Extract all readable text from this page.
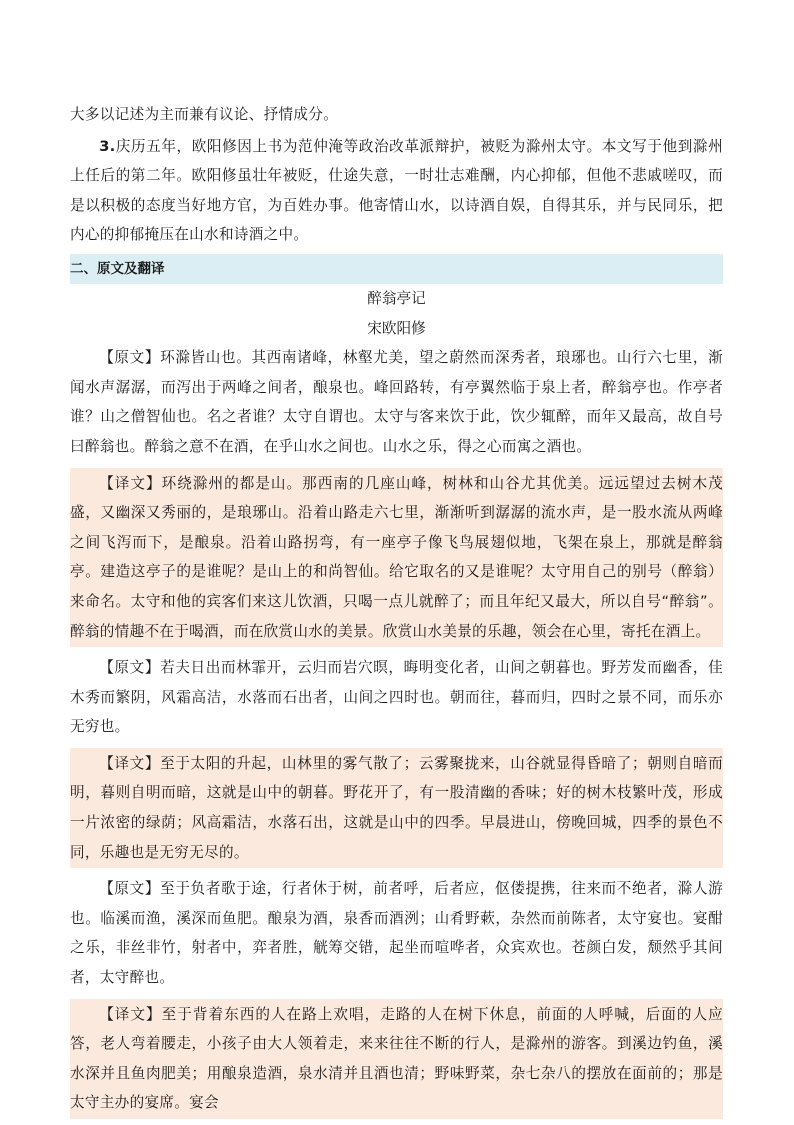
大多以记述为主而兼有议论、抒情成分。

3.庆历五年，欧阳修因上书为范仲淹等政治改革派辩护，被贬为滁州太守。本文写于他到滁州上任后的第二年。欧阳修虽壮年被贬，仕途失意，一时壮志难酬，内心抑郁，但他不悲戚嗟叹，而是以积极的态度当好地方官，为百姓办事。他寄情山水，以诗酒自娱，自得其乐，并与民同乐，把内心的抑郁掩压在山水和诗酒之中。

二、原文及翻译

醉翁亭记

宋欧阳修

【原文】环滁皆山也。其西南诸峰，林壑尤美，望之蔚然而深秀者，琅琊也。山行六七里，渐闻水声潺潺，而泻出于两峰之间者，酿泉也。峰回路转，有亭翼然临于泉上者，醉翁亭也。作亭者谁？山之僧智仙也。名之者谁？太守自谓也。太守与客来饮于此，饮少辄醉，而年又最高，故自号曰醉翁也。醉翁之意不在酒，在乎山水之间也。山水之乐，得之心而寓之酒也。

【译文】环绕滁州的都是山。那西南的几座山峰，树林和山谷尤其优美。远远望过去树木茂盛，又幽深又秀丽的，是琅琊山。沿着山路走六七里，渐渐听到潺潺的流水声，是一股水流从两峰之间飞泻而下，是酿泉。沿着山路拐弯，有一座亭子像飞鸟展翅似地，飞架在泉上，那就是醉翁亭。建造这亭子的是谁呢？是山上的和尚智仙。给它取名的又是谁呢？太守用自己的别号（醉翁）来命名。太守和他的宾客们来这儿饮酒，只喝一点儿就醉了；而且年纪又最大，所以自号“醉翁”。醉翁的情趣不在于喝酒，而在欣赏山水的美景。欣赏山水美景的乐趣，领会在心里，寄托在酒上。

【原文】若夫日出而林霏开，云归而岩穴暝，晦明变化者，山间之朝暮也。野芳发而幽香，佳木秀而繁阴，风霜高洁，水落而石出者，山间之四时也。朝而往，暮而归，四时之景不同，而乐亦无穷也。

【译文】至于太阳的升起，山林里的雾气散了；云雾聚拢来，山谷就显得昏暗了；朝则自暗而明，暮则自明而暗，这就是山中的朝暮。野花开了，有一股清幽的香味；好的树木枝繁叶茂，形成一片浓密的绿荫；风高霜洁，水落石出，这就是山中的四季。早晨进山，傍晚回城，四季的景色不同，乐趣也是无穷无尽的。

【原文】至于负者歌于途，行者休于树，前者呼，后者应，伛偻提携，往来而不绝者，滁人游也。临溪而渔，溪深而鱼肥。酿泉为酒，泉香而酒洌；山肴野蔌，杂然而前陈者，太守宴也。宴酣之乐，非丝非竹，射者中，弈者胜，觥筹交错，起坐而喧哗者，众宾欢也。苍颜白发，颓然乎其间者，太守醉也。

【译文】至于背着东西的人在路上欢唱，走路的人在树下休息，前面的人呼喊，后面的人应答，老人弯着腰走，小孩子由大人领着走，来来往往不断的行人，是滁州的游客。到溪边钓鱼，溪水深并且鱼肉肥美；用酿泉造酒，泉水清并且酒也清；野味野菜，杂七杂八的摆放在面前的；那是太守主办的宴席。宴会
